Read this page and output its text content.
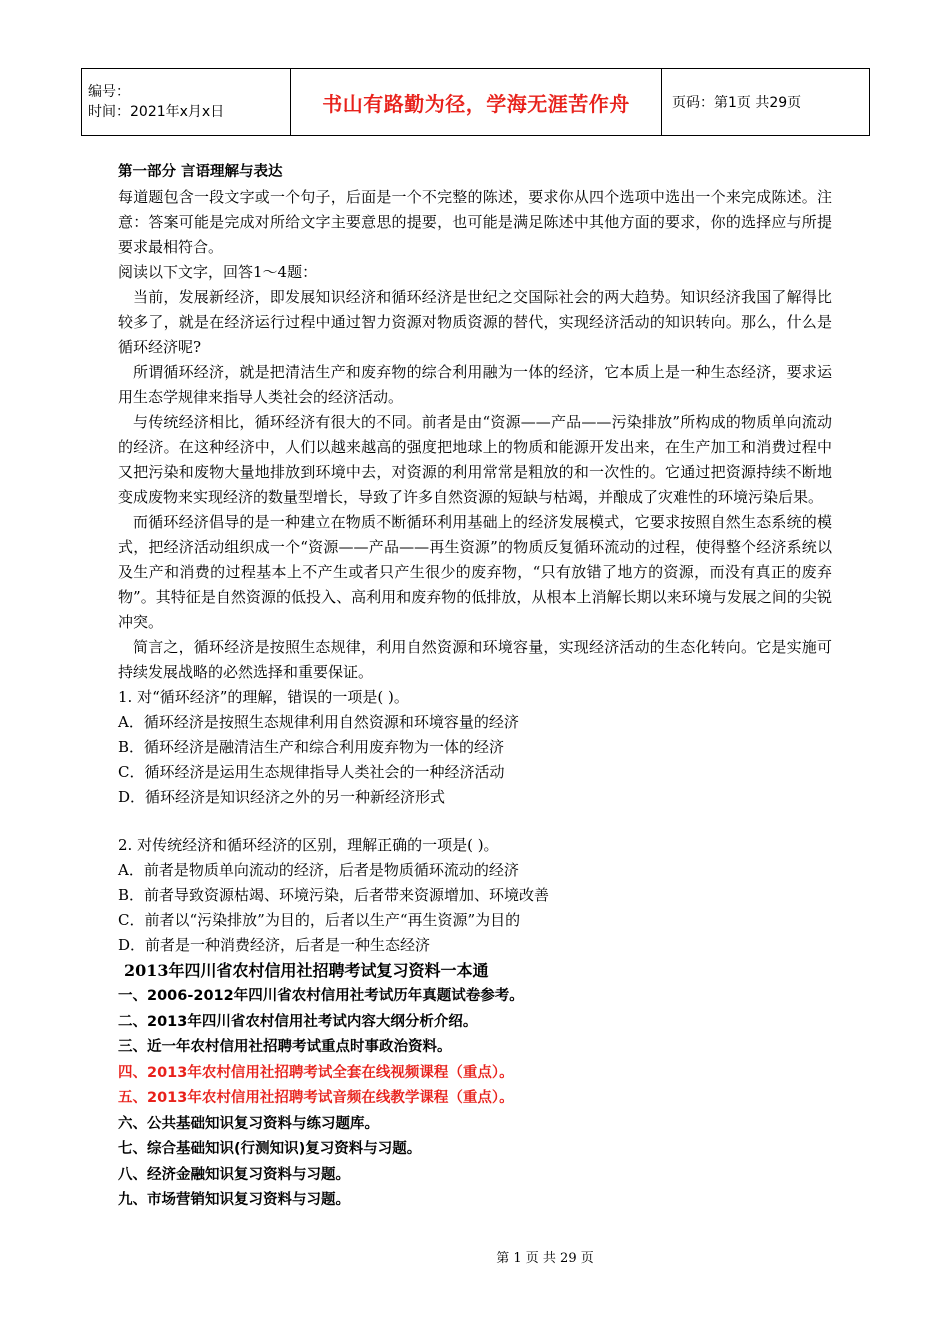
编号：
时间：2021年x月x日	书山有路勤为径，学海无涯苦作舟	页码：第1页 共29页

第一部分 言语理解与表达

每道题包含一段文字或一个句子，后面是一个不完整的陈述，要求你从四个选项中选出一个来完成陈述。注意：答案可能是完成对所给文字主要意思的提要，也可能是满足陈述中其他方面的要求，你的选择应与所提要求最相符合。

阅读以下文字，回答1～4题：

当前，发展新经济，即发展知识经济和循环经济是世纪之交国际社会的两大趋势。知识经济我国了解得比较多了，就是在经济运行过程中通过智力资源对物质资源的替代，实现经济活动的知识转向。那么，什么是循环经济呢?

所谓循环经济，就是把清洁生产和废弃物的综合利用融为一体的经济，它本质上是一种生态经济，要求运用生态学规律来指导人类社会的经济活动。

与传统经济相比，循环经济有很大的不同。前者是由“资源——产品——污染排放”所构成的物质单向流动的经济。在这种经济中，人们以越来越高的强度把地球上的物质和能源开发出来，在生产加工和消费过程中又把污染和废物大量地排放到环境中去，对资源的利用常常是粗放的和一次性的。它通过把资源持续不断地变成废物来实现经济的数量型增长，导致了许多自然资源的短缺与枯竭，并酿成了灾难性的环境污染后果。

而循环经济倡导的是一种建立在物质不断循环利用基础上的经济发展模式，它要求按照自然生态系统的模式，把经济活动组织成一个“资源——产品——再生资源”的物质反复循环流动的过程，使得整个经济系统以及生产和消费的过程基本上不产生或者只产生很少的废弃物，“只有放错了地方的资源，而没有真正的废弃物”。其特征是自然资源的低投入、高利用和废弃物的低排放，从根本上消解长期以来环境与发展之间的尖锐冲突。

简言之，循环经济是按照生态规律，利用自然资源和环境容量，实现经济活动的生态化转向。它是实施可持续发展战略的必然选择和重要保证。

1. 对“循环经济”的理解，错误的一项是( )。

A．循环经济是按照生态规律利用自然资源和环境容量的经济

B．循环经济是融清洁生产和综合利用废弃物为一体的经济

C．循环经济是运用生态规律指导人类社会的一种经济活动

D．循环经济是知识经济之外的另一种新经济形式

2. 对传统经济和循环经济的区别，理解正确的一项是( )。

A．前者是物质单向流动的经济，后者是物质循环流动的经济

B．前者导致资源枯竭、环境污染，后者带来资源增加、环境改善

C．前者以“污染排放”为目的，后者以生产“再生资源”为目的

D．前者是一种消费经济，后者是一种生态经济

2013年四川省农村信用社招聘考试复习资料一本通

一、2006-2012年四川省农村信用社考试历年真题试卷参考。

二、2013年四川省农村信用社考试内容大纲分析介绍。

三、近一年农村信用社招聘考试重点时事政治资料。

四、2013年农村信用社招聘考试全套在线视频课程（重点）。

五、2013年农村信用社招聘考试音频在线教学课程（重点）。

六、公共基础知识复习资料与练习题库。

七、综合基础知识(行测知识)复习资料与习题。

八、经济金融知识复习资料与习题。

九、市场营销知识复习资料与习题。

第 1 页 共 29 页
